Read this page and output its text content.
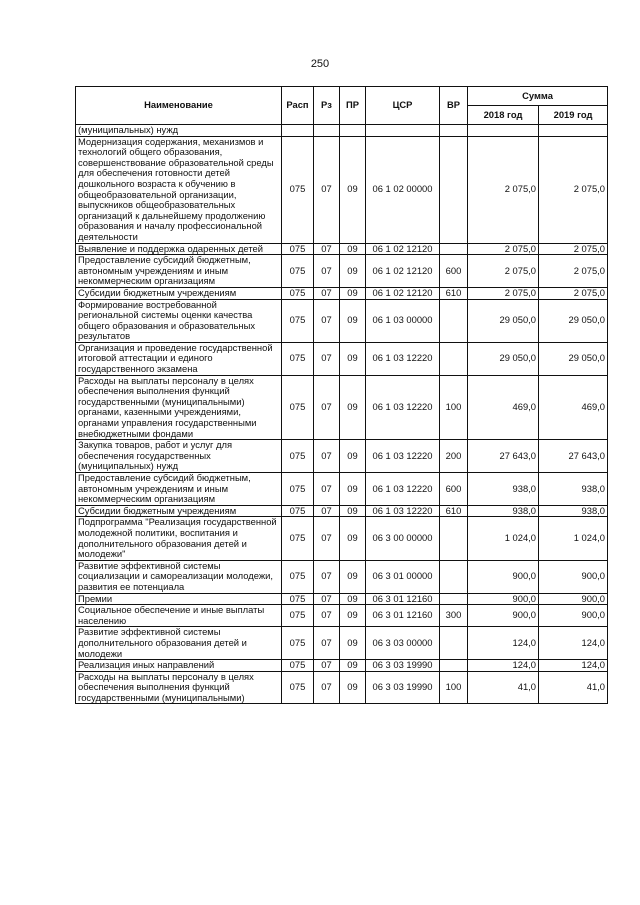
250
Наименование	Расп	Рз	ПР	ЦСР	ВР	Сумма	
						2018 год	2019 год
(муниципальных) нужд							
Модернизация содержания, механизмов и технологий общего образования, совершенствование образовательной среды для обеспечения готовности детей дошкольного возраста к обучению в общеобразовательной организации, выпускников общеобразовательных организаций к дальнейшему продолжению образования и началу профессиональной деятельности	075	07	09	06 1 02 00000		2 075,0	2 075,0
Выявление и поддержка одаренных детей	075	07	09	06 1 02 12120		2 075,0	2 075,0
Предоставление субсидий бюджетным, автономным учреждениям и иным некоммерческим организациям	075	07	09	06 1 02 12120	600	2 075,0	2 075,0
Субсидии бюджетным учреждениям	075	07	09	06 1 02 12120	610	2 075,0	2 075,0
Формирование востребованной региональной системы оценки качества общего образования и образовательных результатов	075	07	09	06 1 03 00000		29 050,0	29 050,0
Организация и проведение государственной итоговой аттестации и единого государственного экзамена	075	07	09	06 1 03 12220		29 050,0	29 050,0
Расходы на выплаты персоналу в целях обеспечения выполнения функций государственными (муниципальными) органами, казенными учреждениями, органами управления государственными внебюджетными фондами	075	07	09	06 1 03 12220	100	469,0	469,0
Закупка товаров, работ и услуг для обеспечения государственных (муниципальных) нужд	075	07	09	06 1 03 12220	200	27 643,0	27 643,0
Предоставление субсидий бюджетным, автономным учреждениям и иным некоммерческим организациям	075	07	09	06 1 03 12220	600	938,0	938,0
Субсидии бюджетным учреждениям	075	07	09	06 1 03 12220	610	938,0	938,0
Подпрограмма "Реализация государственной молодежной политики, воспитания и дополнительного образования детей и молодежи"	075	07	09	06 3 00 00000		1 024,0	1 024,0
Развитие эффективной системы социализации и самореализации молодежи, развития ее потенциала	075	07	09	06 3 01 00000		900,0	900,0
Премии	075	07	09	06 3 01 12160		900,0	900,0
Социальное обеспечение и иные выплаты населению	075	07	09	06 3 01 12160	300	900,0	900,0
Развитие эффективной системы дополнительного образования детей и молодежи	075	07	09	06 3 03 00000		124,0	124,0
Реализация иных направлений	075	07	09	06 3 03 19990		124,0	124,0
Расходы на выплаты персоналу в целях обеспечения выполнения функций государственными (муниципальными)	075	07	09	06 3 03 19990	100	41,0	41,0
